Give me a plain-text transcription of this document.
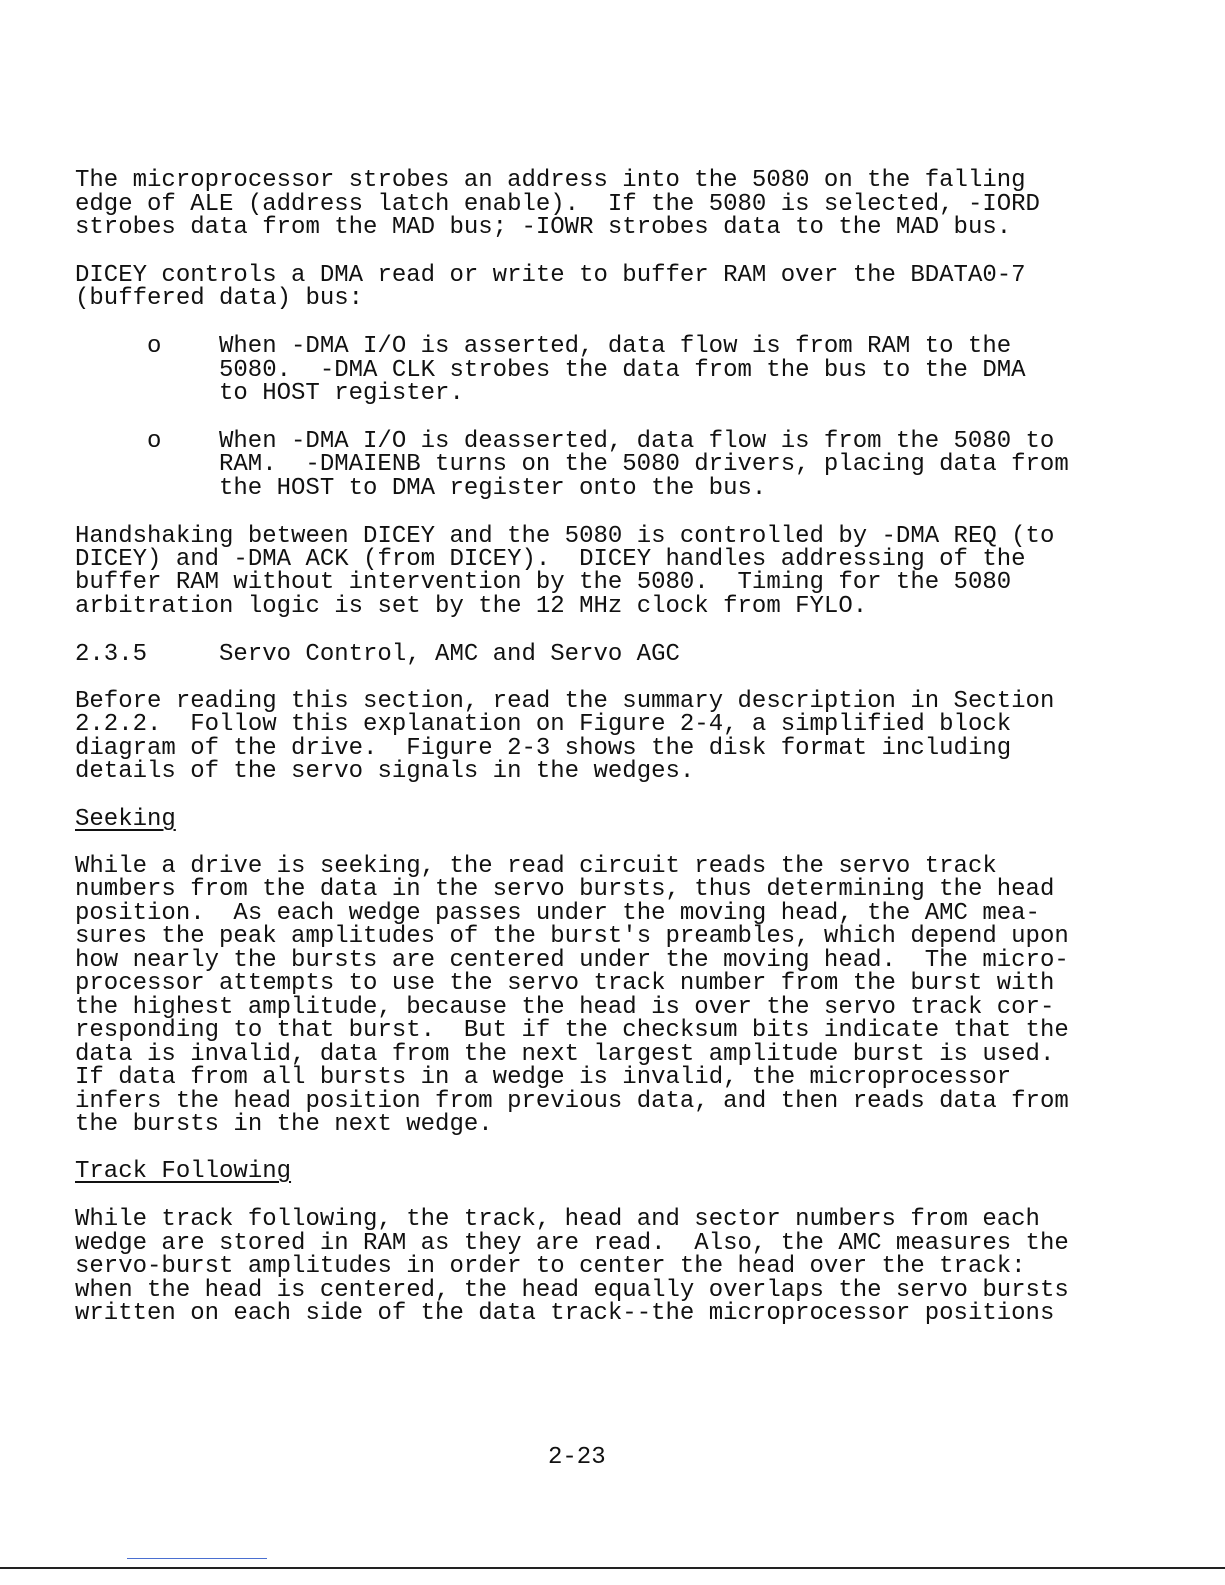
The microprocessor strobes an address into the 5080 on the falling
edge of ALE (address latch enable).  If the 5080 is selected, -IORD
strobes data from the MAD bus; -IOWR strobes data to the MAD bus.
DICEY controls a DMA read or write to buffer RAM over the BDATA0-7
(buffered data) bus:
o When -DMA I/O is asserted, data flow is from RAM to the
5080.  -DMA CLK strobes the data from the bus to the DMA
to HOST register.
o When -DMA I/O is deasserted, data flow is from the 5080 to
RAM.  -DMAIENB turns on the 5080 drivers, placing data from
the HOST to DMA register onto the bus.
Handshaking between DICEY and the 5080 is controlled by -DMA REQ (to
DICEY) and -DMA ACK (from DICEY).  DICEY handles addressing of the
buffer RAM without intervention by the 5080.  Timing for the 5080
arbitration logic is set by the 12 MHz clock from FYLO.
2.3.5	Servo Control, AMC and Servo AGC
Before reading this section, read the summary description in Section
2.2.2.  Follow this explanation on Figure 2-4, a simplified block
diagram of the drive.  Figure 2-3 shows the disk format including
details of the servo signals in the wedges.
Seeking
While a drive is seeking, the read circuit reads the servo track
numbers from the data in the servo bursts, thus determining the head
position.  As each wedge passes under the moving head, the AMC mea-
sures the peak amplitudes of the burst's preambles, which depend upon
how nearly the bursts are centered under the moving head.  The micro-
processor attempts to use the servo track number from the burst with
the highest amplitude, because the head is over the servo track cor-
responding to that burst.  But if the checksum bits indicate that the
data is invalid, data from the next largest amplitude burst is used.
If data from all bursts in a wedge is invalid, the microprocessor
infers the head position from previous data, and then reads data from
the bursts in the next wedge.
Track Following
While track following, the track, head and sector numbers from each
wedge are stored in RAM as they are read.  Also, the AMC measures the
servo-burst amplitudes in order to center the head over the track:
when the head is centered, the head equally overlaps the servo bursts
written on each side of the data track--the microprocessor positions
2-23
